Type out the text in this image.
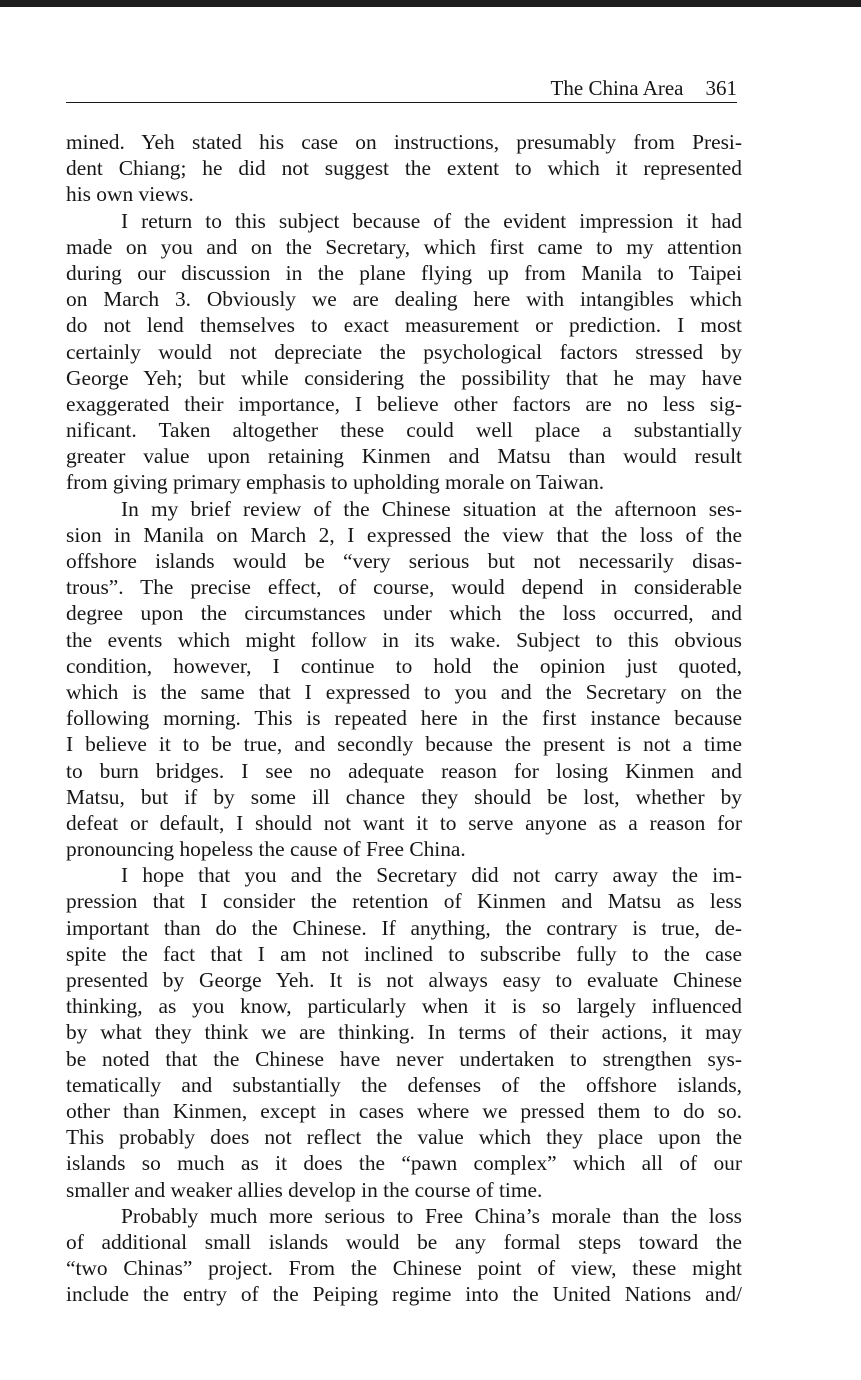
The China Area 361
mined. Yeh stated his case on instructions, presumably from Presi-
dent Chiang; he did not suggest the extent to which it represented
his own views.
I return to this subject because of the evident impression it had
made on you and on the Secretary, which first came to my attention
during our discussion in the plane flying up from Manila to Taipei
on March 3. Obviously we are dealing here with intangibles which
do not lend themselves to exact measurement or prediction. I most
certainly would not depreciate the psychological factors stressed by
George Yeh; but while considering the possibility that he may have
exaggerated their importance, I believe other factors are no less sig-
nificant. Taken altogether these could well place a substantially
greater value upon retaining Kinmen and Matsu than would result
from giving primary emphasis to upholding morale on Taiwan.
In my brief review of the Chinese situation at the afternoon ses-
sion in Manila on March 2, I expressed the view that the loss of the
offshore islands would be “very serious but not necessarily disas-
trous”. The precise effect, of course, would depend in considerable
degree upon the circumstances under which the loss occurred, and
the events which might follow in its wake. Subject to this obvious
condition, however, I continue to hold the opinion just quoted,
which is the same that I expressed to you and the Secretary on the
following morning. This is repeated here in the first instance because
I believe it to be true, and secondly because the present is not a time
to burn bridges. I see no adequate reason for losing Kinmen and
Matsu, but if by some ill chance they should be lost, whether by
defeat or default, I should not want it to serve anyone as a reason for
pronouncing hopeless the cause of Free China.
I hope that you and the Secretary did not carry away the im-
pression that I consider the retention of Kinmen and Matsu as less
important than do the Chinese. If anything, the contrary is true, de-
spite the fact that I am not inclined to subscribe fully to the case
presented by George Yeh. It is not always easy to evaluate Chinese
thinking, as you know, particularly when it is so largely influenced
by what they think we are thinking. In terms of their actions, it may
be noted that the Chinese have never undertaken to strengthen sys-
tematically and substantially the defenses of the offshore islands,
other than Kinmen, except in cases where we pressed them to do so.
This probably does not reflect the value which they place upon the
islands so much as it does the “pawn complex” which all of our
smaller and weaker allies develop in the course of time.
Probably much more serious to Free China’s morale than the loss
of additional small islands would be any formal steps toward the
“two Chinas” project. From the Chinese point of view, these might
include the entry of the Peiping regime into the United Nations and/
